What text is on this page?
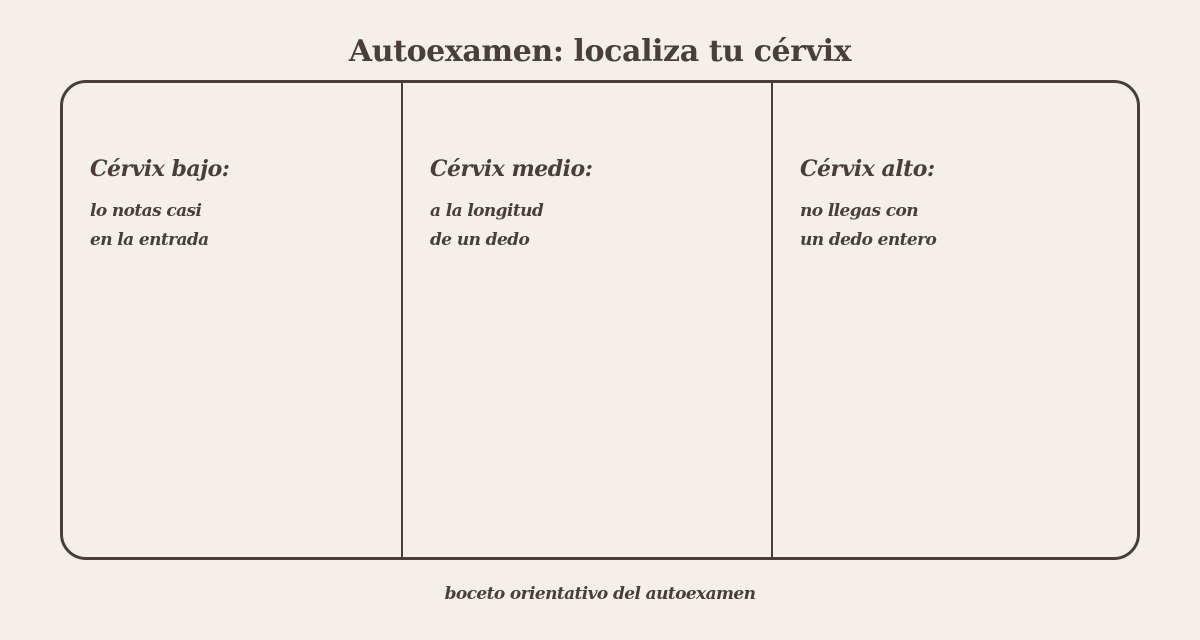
Autoexamen: localiza tu cérvix
Cérvix bajo:
lo notas casi
en la entrada
Cérvix medio:
a la longitud
de un dedo
Cérvix alto:
no llegas con
un dedo entero
boceto orientativo del autoexamen
